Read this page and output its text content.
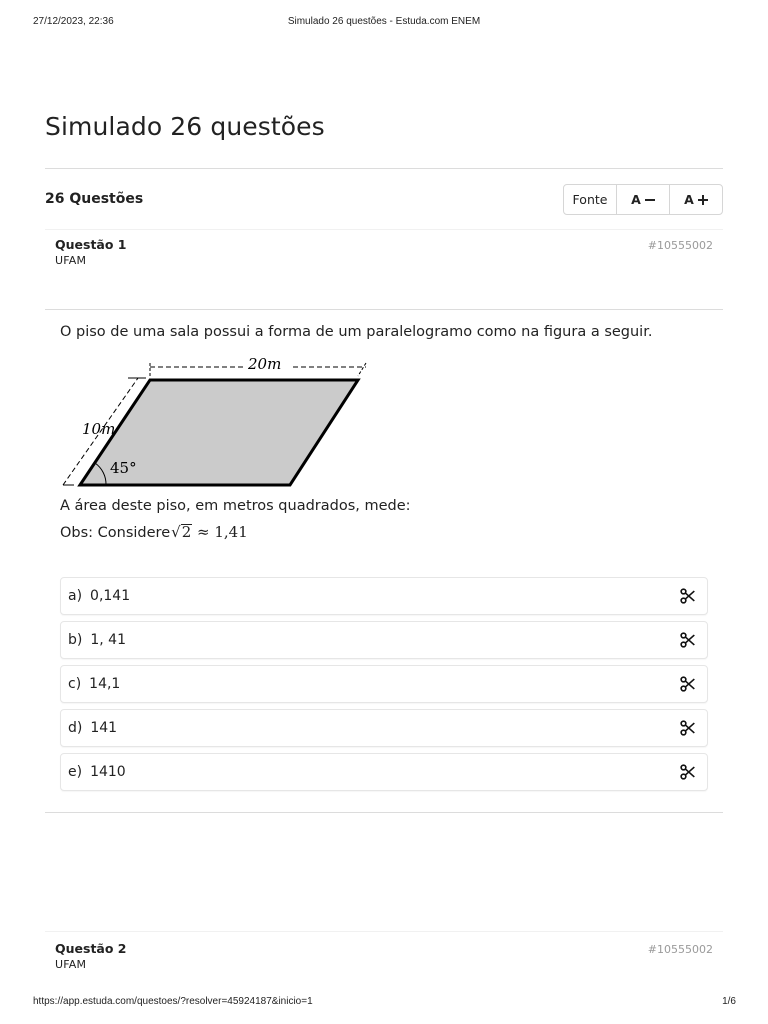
27/12/2023, 22:36	Simulado 26 questões - Estuda.com ENEM
Simulado 26 questões
26 Questões	Fonte	A	A
Questão 1
UFAM
#10555002

O piso de uma sala possui a forma de um paralelogramo como na figura a seguir.

20m
10m
45°

A área deste piso, em metros quadrados, mede:

Obs: Considere√2 ≈ 1,41

a) 0,141
b) 1, 41
c) 14,1
d) 141
e) 1410
Questão 2
UFAM
#10555002
https://app.estuda.com/questoes/?resolver=45924187&inicio=1	1/6
